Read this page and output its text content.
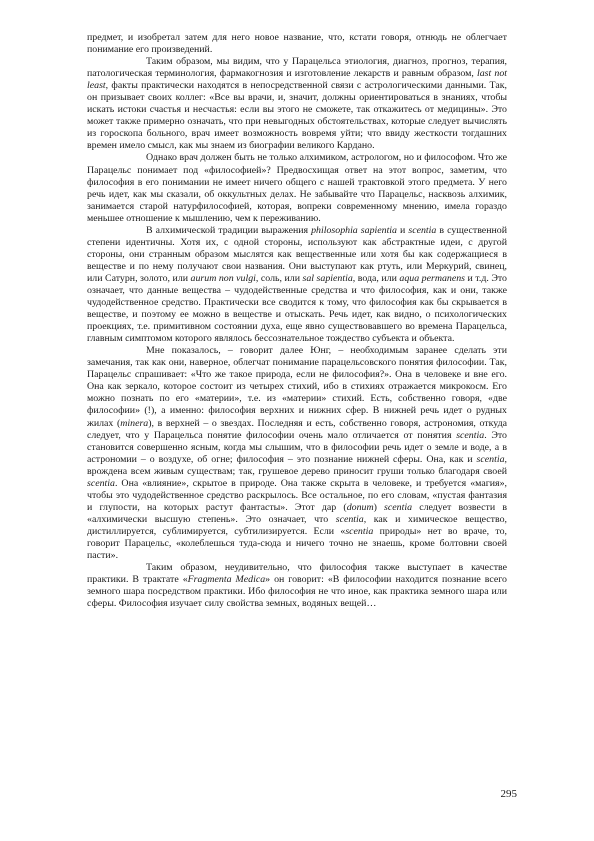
предмет, и изобретал затем для него новое название, что, кстати говоря, отнюдь не облегчает понимание его произведений.

Таким образом, мы видим, что у Парацельса этиология, диагноз, прогноз, терапия, патологическая терминология, фармакогнозия и изготовление лекарств и равным образом, last not least, факты практически находятся в непосредственной связи с астрологическими данными. Так, он призывает своих коллег: «Все вы врачи, и, значит, должны ориентироваться в знаниях, чтобы искать истоки счастья и несчастья: если вы этого не сможете, так откажитесь от медицины». Это может также примерно означать, что при невыгодных обстоятельствах, которые следует вычислять из гороскопа больного, врач имеет возможность вовремя уйти; что ввиду жесткости тогдашних времен имело смысл, как мы знаем из биографии великого Кардано.

Однако врач должен быть не только алхимиком, астрологом, но и философом. Что же Парацельс понимает под «философией»? Предвосхищая ответ на этот вопрос, заметим, что философия в его понимании не имеет ничего общего с нашей трактовкой этого предмета. У него речь идет, как мы сказали, об оккультных делах. Не забывайте что Парацельс, насквозь алхимик, занимается старой натурфилософией, которая, вопреки современному мнению, имела гораздо меньшее отношение к мышлению, чем к переживанию.

В алхимической традиции выражения philosophia sapientia и scentia в существенной степени идентичны. Хотя их, с одной стороны, используют как абстрактные идеи, с другой стороны, они странным образом мыслятся как вещественные или хотя бы как содержащиеся в веществе и по нему получают свои названия. Они выступают как ртуть, или Меркурий, свинец, или Сатурн, золото, или aurum non vulgi, соль, или sal sapientia, вода, или aqua permanens и т.д. Это означает, что данные вещества – чудодейственные средства и что философия, как и они, также чудодейственное средство. Практически все сводится к тому, что философия как бы скрывается в веществе, и поэтому ее можно в веществе и отыскать. Речь идет, как видно, о психологических проекциях, т.е. примитивном состоянии духа, еще явно существовавшего во времена Парацельса, главным симптомом которого являлось бессознательное тождество субъекта и объекта.

Мне показалось, – говорит далее Юнг, – необходимым заранее сделать эти замечания, так как они, наверное, облегчат понимание парацельсовского понятия философии. Так, Парацельс спрашивает: «Что же такое природа, если не философия?». Она в человеке и вне его. Она как зеркало, которое состоит из четырех стихий, ибо в стихиях отражается микрокосм. Его можно познать по его «материи», т.е. из «материи» стихий. Есть, собственно говоря, «две философии» (!), а именно: философия верхних и нижних сфер. В нижней речь идет о рудных жилах (minera), в верхней – о звездах. Последняя и есть, собственно говоря, астрономия, откуда следует, что у Парацельса понятие философии очень мало отличается от понятия scentia. Это становится совершенно ясным, когда мы слышим, что в философии речь идет о земле и воде, а в астрономии – о воздухе, об огне; философия – это познание нижней сферы. Она, как и scentia, врождена всем живым существам; так, грушевое дерево приносит груши только благодаря своей scentia. Она «влияние», скрытое в природе. Она также скрыта в человеке, и требуется «магия», чтобы это чудодейственное средство раскрылось. Все остальное, по его словам, «пустая фантазия и глупости, на которых растут фантасты». Этот дар (donum) scentia следует возвести в «алхимически высшую степень». Это означает, что scentia, как и химическое вещество, дистиллируется, сублимируется, субтилизируется. Если «scentia природы» нет во враче, то, говорит Парацельс, «колеблешься туда-сюда и ничего точно не знаешь, кроме болтовни своей пасти».

Таким образом, неудивительно, что философия также выступает в качестве практики. В трактате «Fragmenta Medica» он говорит: «В философии находится познание всего земного шара посредством практики. Ибо философия не что иное, как практика земного шара или сферы. Философия изучает силу свойства земных, водяных вещей…

295
